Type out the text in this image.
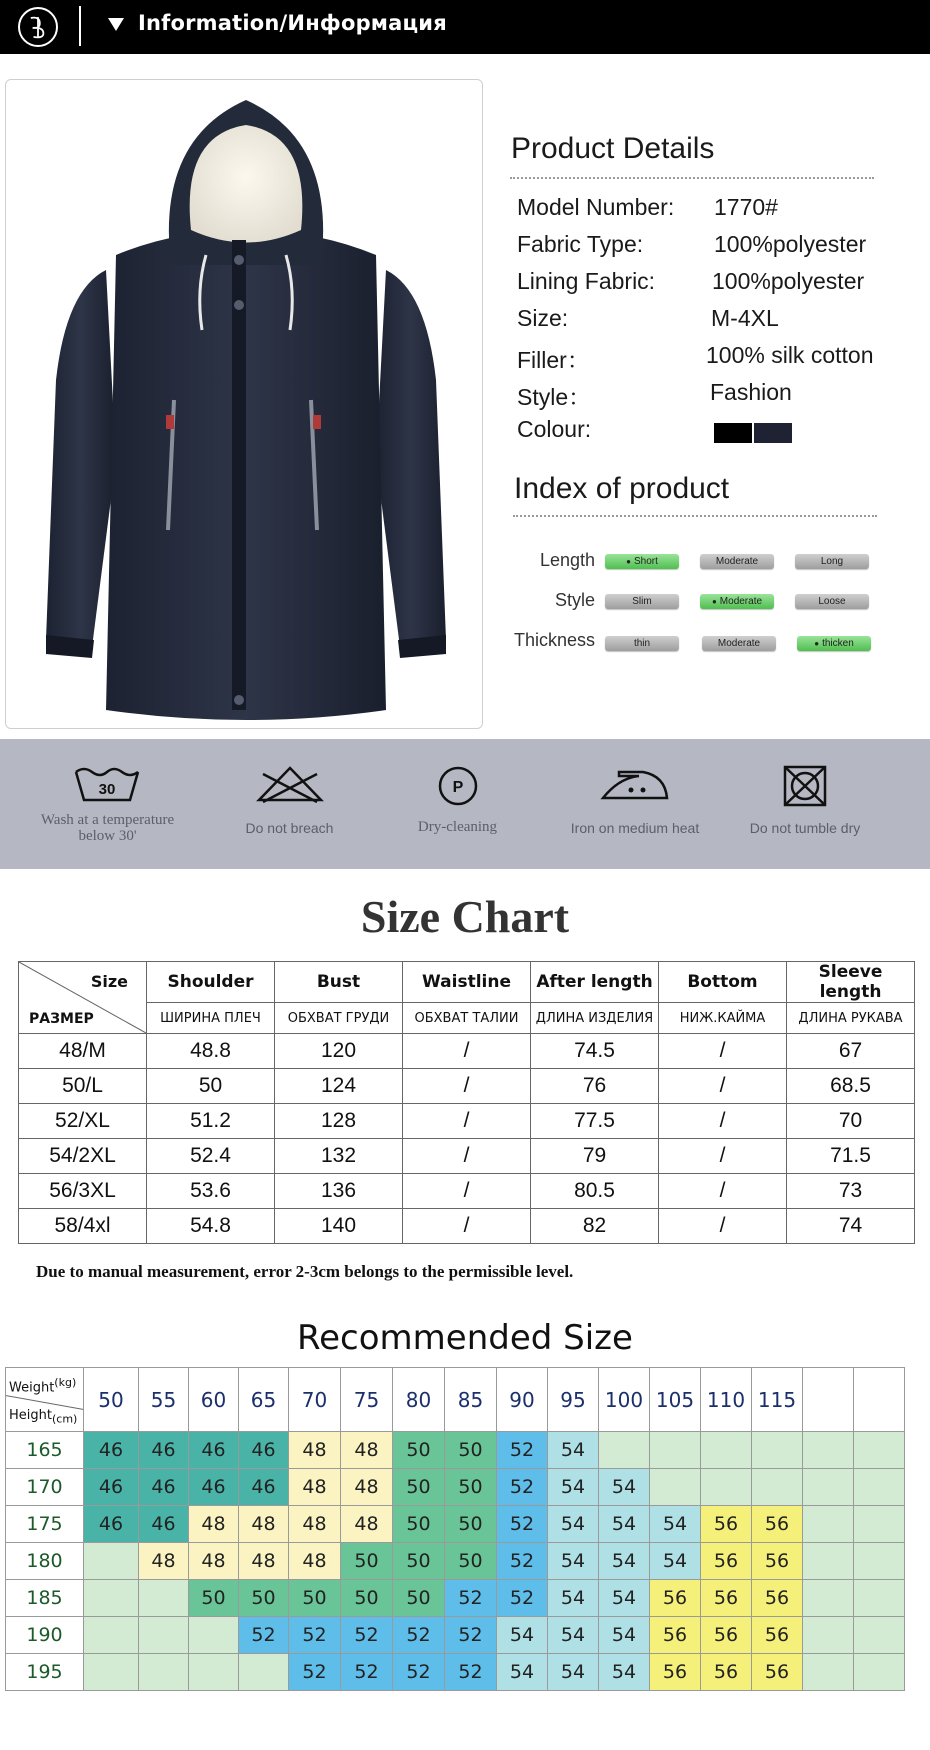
Information/Информация
Product Details
Model Number: 1770#
Fabric Type:	100%polyester
Lining Fabric: 100%polyester
Size:	M-4XL
Filler：	100% silk cotton
Style：	Fashion
Colour:
Index of product
Length	● Short	Moderate	Long
Style	Slim	● Moderate	Loose
Thickness	thin	Moderate	● thicken
30
Wash at a temperature below 30'	Do not breach
P
Dry-cleaning	Iron on medium heat	Do not tumble dry
Size Chart
Size
РАЗМЕР	Shoulder	Bust	Waistline	After length	Bottom	Sleeve length
	ШИРИНА ПЛЕЧ	ОБХВАТ ГРУДИ	ОБХВАТ ТАЛИИ	ДЛИНА ИЗДЕЛИЯ	НИЖ.КАЙМА	ДЛИНА РУКАВА
48/M	48.8	120	/	74.5	/	67
50/L	50	124	/	76	/	68.5
52/XL	51.2	128	/	77.5	/	70
54/2XL	52.4	132	/	79	/	71.5
56/3XL	53.6	136	/	80.5	/	73
58/4xl	54.8	140	/	82	/	74
Due to manual measurement, error 2-3cm belongs to the permissible level.
Recommended Size
Weight$^{(kg)}$
Height$_{(cm)}$	50	55	60	65	70	75	80	85	90	95	100	105	110	115		
165	46	46	46	46	48	48	50	50	52	54						
170	46	46	46	46	48	48	50	50	52	54	54					
175	46	46	48	48	48	48	50	50	52	54	54	54	56	56		
180		48	48	48	48	50	50	50	52	54	54	54	56	56		
185			50	50	50	50	50	52	52	54	54	56	56	56		
190				52	52	52	52	52	54	54	54	56	56	56		
195					52	52	52	52	54	54	54	56	56	56		
